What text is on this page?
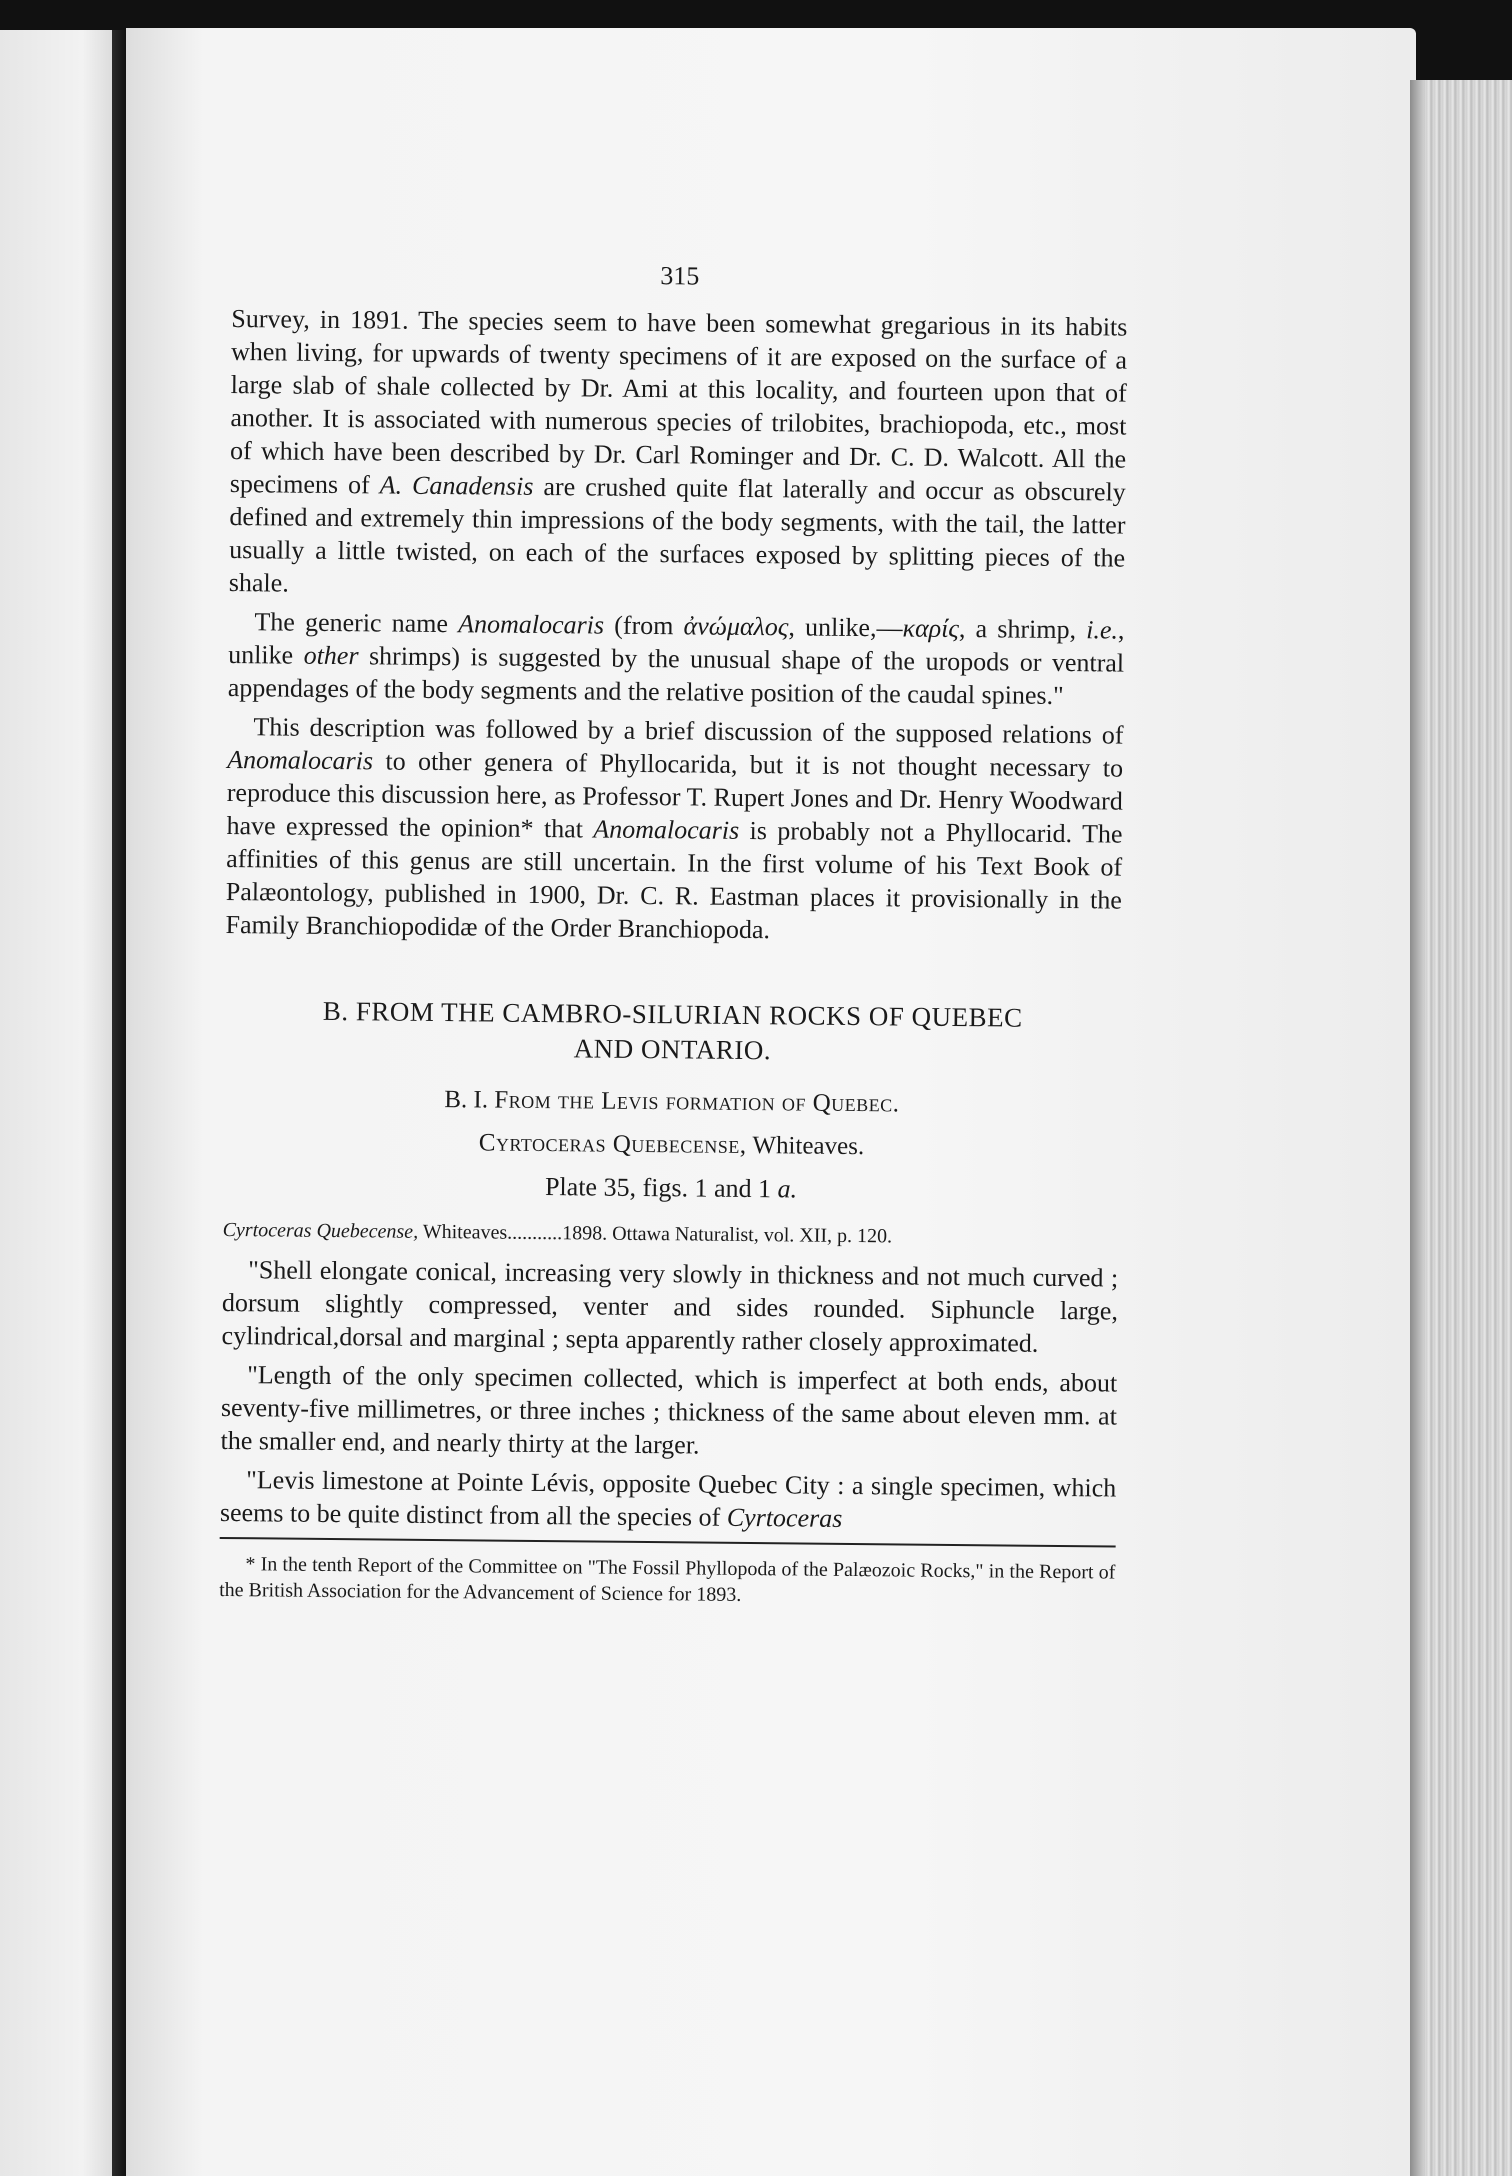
315

Survey, in 1891. The species seem to have been somewhat gregarious in its habits when living, for upwards of twenty specimens of it are exposed on the surface of a large slab of shale collected by Dr. Ami at this locality, and fourteen upon that of another. It is associated with numerous species of trilobites, brachiopoda, etc., most of which have been described by Dr. Carl Rominger and Dr. C. D. Walcott. All the specimens of A. Canadensis are crushed quite flat laterally and occur as obscurely defined and extremely thin impressions of the body segments, with the tail, the latter usually a little twisted, on each of the surfaces exposed by splitting pieces of the shale.

The generic name Anomalocaris (from ἀνώμαλος, unlike,—καρίς, a shrimp, i.e., unlike other shrimps) is suggested by the unusual shape of the uropods or ventral appendages of the body segments and the relative position of the caudal spines."

This description was followed by a brief discussion of the supposed relations of Anomalocaris to other genera of Phyllocarida, but it is not thought necessary to reproduce this discussion here, as Professor T. Rupert Jones and Dr. Henry Woodward have expressed the opinion* that Anomalocaris is probably not a Phyllocarid. The affinities of this genus are still uncertain. In the first volume of his Text Book of Palæontology, published in 1900, Dr. C. R. Eastman places it provisionally in the Family Branchiopodidæ of the Order Branchiopoda.

B. FROM THE CAMBRO-SILURIAN ROCKS OF QUEBEC
AND ONTARIO.
B. I. From the Levis formation of Quebec.
Cyrtoceras Quebecense, Whiteaves.
Plate 35, figs. 1 and 1 a.
Cyrtoceras Quebecense, Whiteaves...........1898. Ottawa Naturalist, vol. XII, p. 120.

"Shell elongate conical, increasing very slowly in thickness and not much curved ; dorsum slightly compressed, venter and sides rounded. Siphuncle large, cylindrical,dorsal and marginal ; septa apparently rather closely approximated.

"Length of the only specimen collected, which is imperfect at both ends, about seventy-five millimetres, or three inches ; thickness of the same about eleven mm. at the smaller end, and nearly thirty at the larger.

"Levis limestone at Pointe Lévis, opposite Quebec City : a single specimen, which seems to be quite distinct from all the species of Cyrtoceras

* In the tenth Report of the Committee on "The Fossil Phyllopoda of the Palæozoic Rocks," in the Report of the British Association for the Advancement of Science for 1893.
